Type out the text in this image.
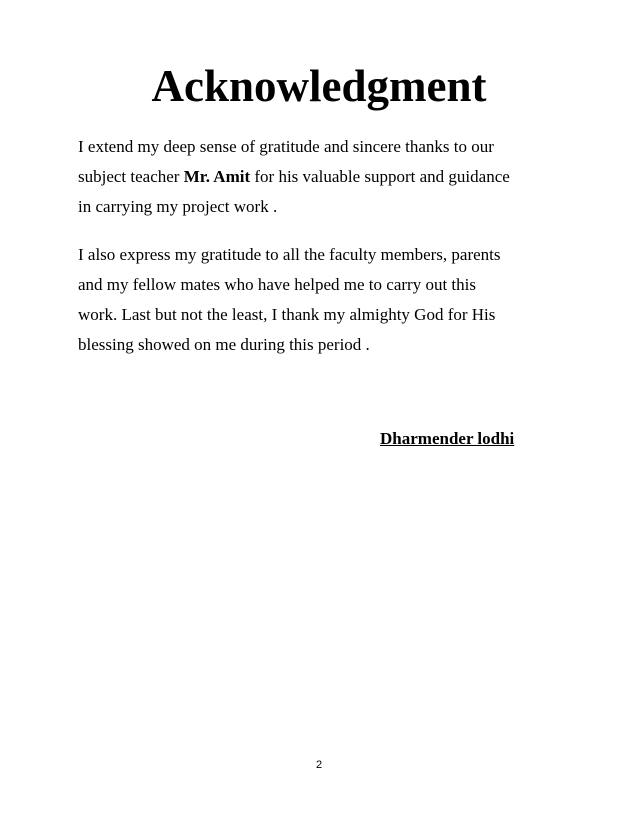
Acknowledgment

I extend my deep sense of gratitude and sincere thanks to our
subject teacher Mr. Amit for his valuable support and guidance
in carrying my project work .

I also express my gratitude to all the faculty members, parents
and my fellow mates who have helped me to carry out this
work. Last but not the least, I thank my almighty God for His
blessing showed on me during this period .

Dharmender lodhi

2
